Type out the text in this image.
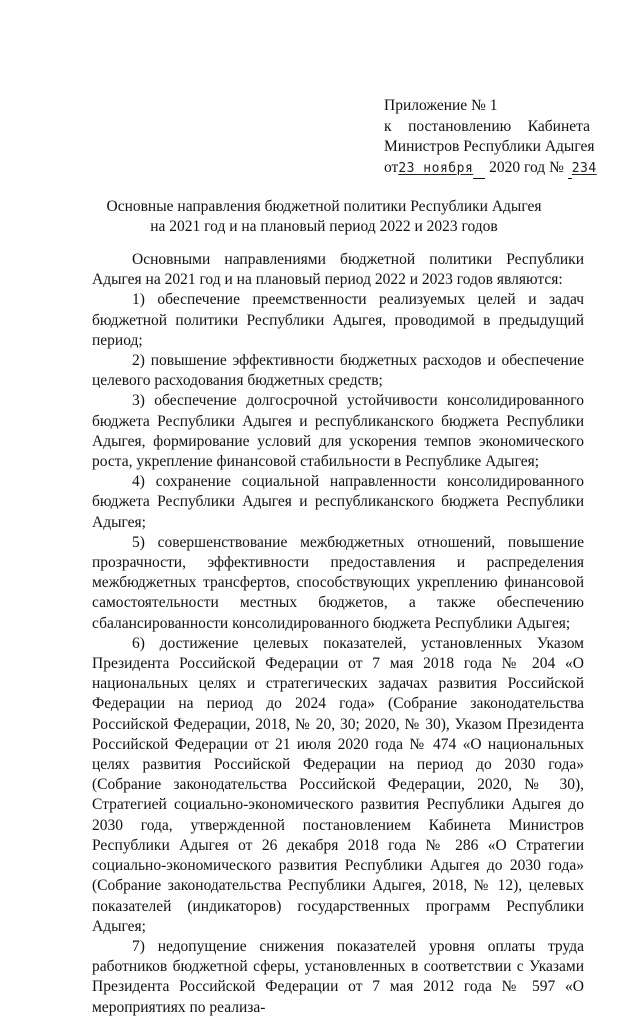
Приложение № 1
к постановлению Кабинета
Министров Республики Адыгея
от23 ноября 2020 год № 234
Основные направления бюджетной политики Республики Адыгея
на 2021 год и на плановый период 2022 и 2023 годов

Основными направлениями бюджетной политики Республики Адыгея на 2021 год и на плановый период 2022 и 2023 годов являются:

1) обеспечение преемственности реализуемых целей и задач бюджетной политики Республики Адыгея, проводимой в предыдущий период;

2) повышение эффективности бюджетных расходов и обеспечение целевого расходования бюджетных средств;

3) обеспечение долгосрочной устойчивости консолидированного бюджета Республики Адыгея и республиканского бюджета Республики Адыгея, формирование условий для ускорения темпов экономического роста, укрепление финансовой стабильности в Республике Адыгея;

4) сохранение социальной направленности консолидированного бюджета Республики Адыгея и республиканского бюджета Республики Адыгея;

5) совершенствование межбюджетных отношений, повышение прозрачности, эффективности предоставления и распределения межбюджетных трансфертов, способствующих укреплению финансовой самостоятельности местных бюджетов, а также обеспечению сбалансированности консолидированного бюджета Республики Адыгея;

6) достижение целевых показателей, установленных Указом Президента Российской Федерации от 7 мая 2018 года № 204 «О национальных целях и стратегических задачах развития Российской Федерации на период до 2024 года» (Собрание законодательства Российской Федерации, 2018, № 20, 30; 2020, № 30), Указом Президента Российской Федерации от 21 июля 2020 года № 474 «О национальных целях развития Российской Федерации на период до 2030 года» (Собрание законодательства Российской Федерации, 2020, № 30), Стратегией социально-экономического развития Республики Адыгея до 2030 года, утвержденной постановлением Кабинета Министров Республики Адыгея от 26 декабря 2018 года № 286 «О Стратегии социально-экономического развития Республики Адыгея до 2030 года» (Собрание законодательства Республики Адыгея, 2018, № 12), целевых показателей (индикаторов) государственных программ Республики Адыгея;

7) недопущение снижения показателей уровня оплаты труда работников бюджетной сферы, установленных в соответствии с Указами Президента Российской Федерации от 7 мая 2012 года № 597 «О мероприятиях по реализа-
